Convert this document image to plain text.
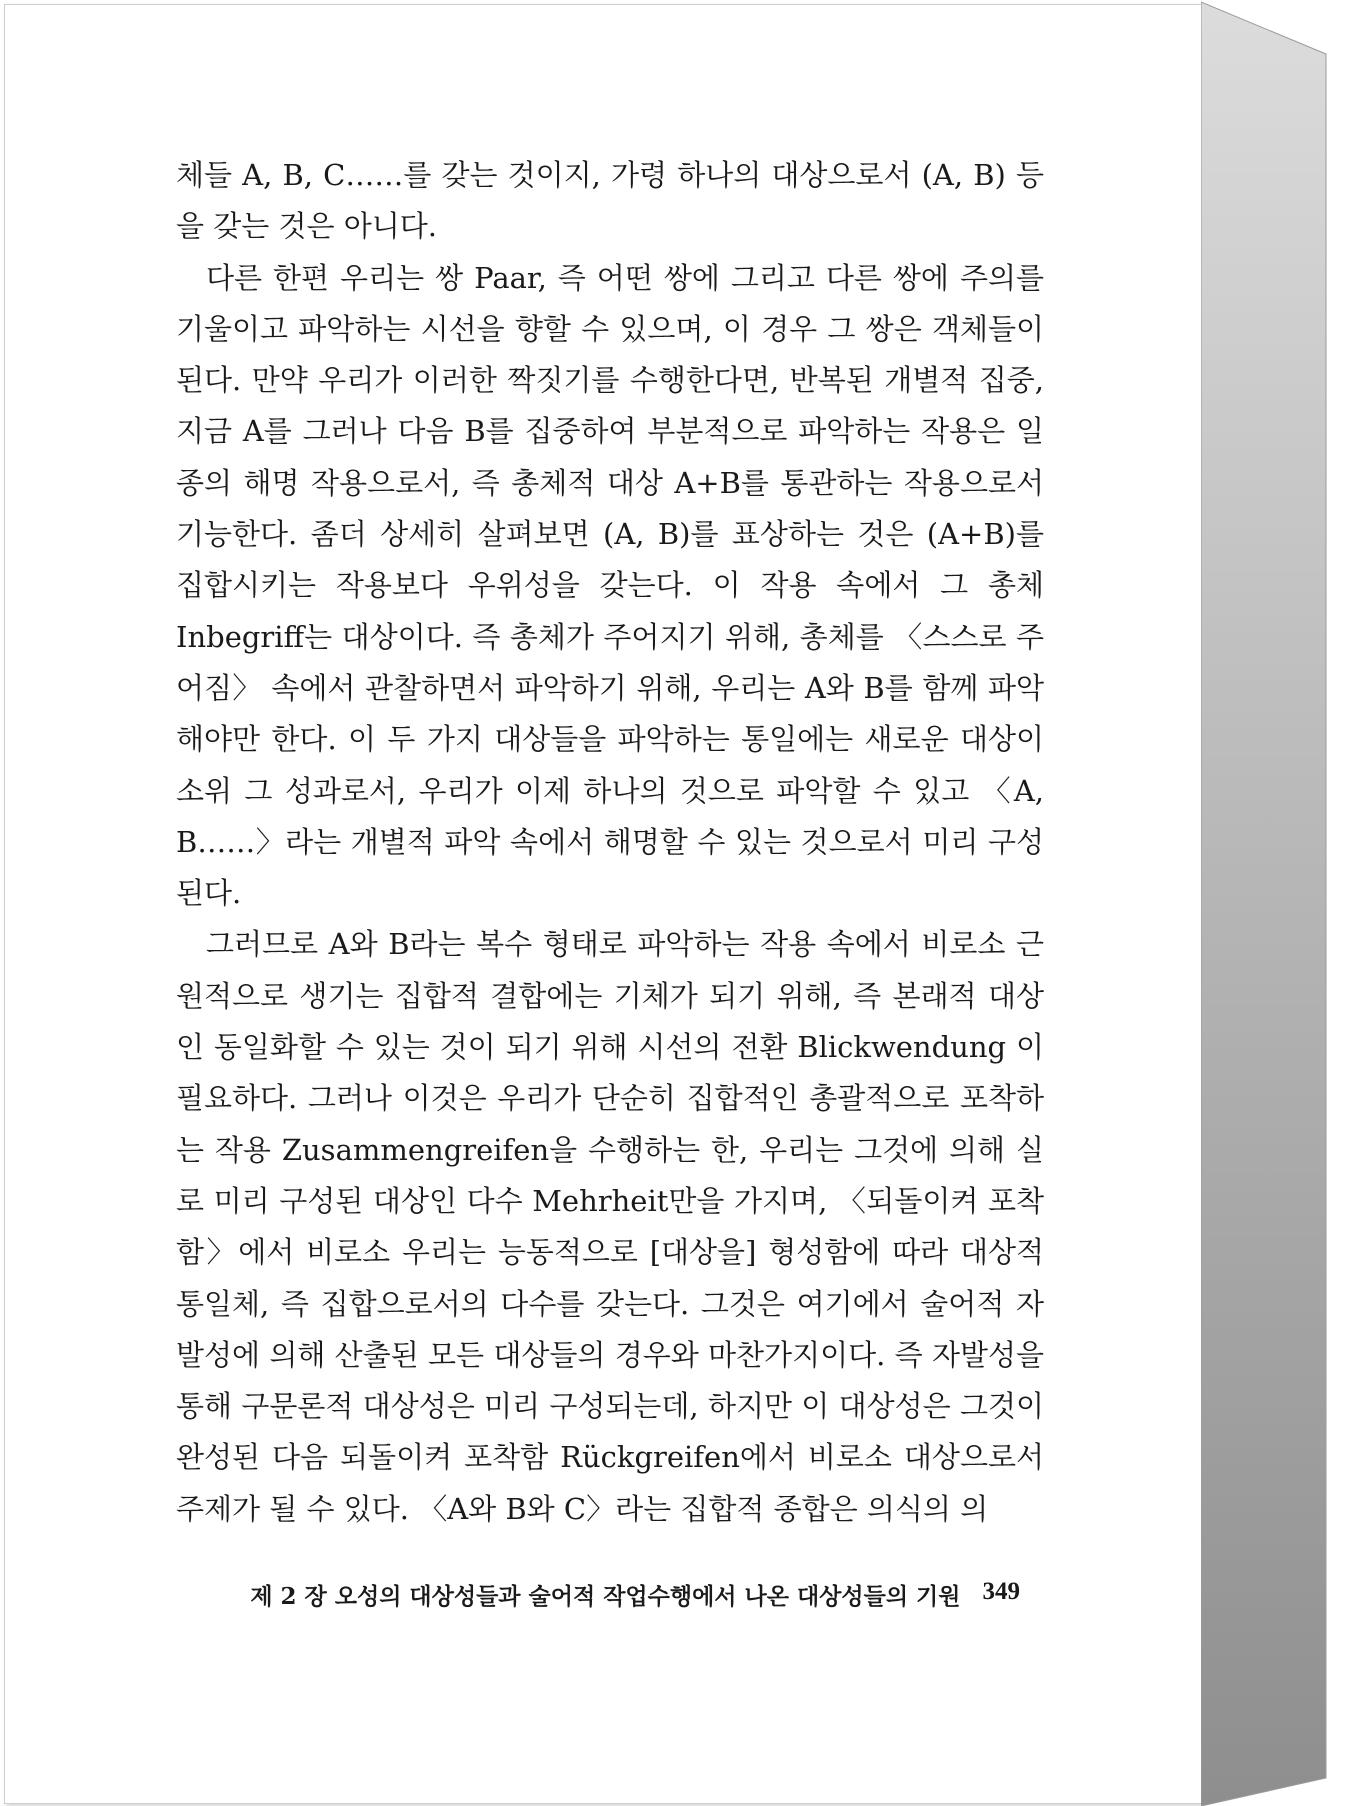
체들 A, B, C……를 갖는 것이지, 가령 하나의 대상으로서 (A, B) 등을 갖는 것은 아니다.

다른 한편 우리는 쌍 Paar, 즉 어떤 쌍에 그리고 다른 쌍에 주의를 기울이고 파악하는 시선을 향할 수 있으며, 이 경우 그 쌍은 객체들이 된다. 만약 우리가 이러한 짝짓기를 수행한다면, 반복된 개별적 집중, 지금 A를 그러나 다음 B를 집중하여 부분적으로 파악하는 작용은 일종의 해명 작용으로서, 즉 총체적 대상 A+B를 통관하는 작용으로서 기능한다. 좀더 상세히 살펴보면 (A, B)를 표상하는 것은 (A+B)를 집합시키는 작용보다 우위성을 갖는다. 이 작용 속에서 그 총체Inbegriff는 대상이다. 즉 총체가 주어지기 위해, 총체를 〈스스로 주어짐〉 속에서 관찰하면서 파악하기 위해, 우리는 A와 B를 함께 파악해야만 한다. 이 두 가지 대상들을 파악하는 통일에는 새로운 대상이 소위 그 성과로서, 우리가 이제 하나의 것으로 파악할 수 있고 〈A, B……〉라는 개별적 파악 속에서 해명할 수 있는 것으로서 미리 구성된다.

그러므로 A와 B라는 복수 형태로 파악하는 작용 속에서 비로소 근원적으로 생기는 집합적 결합에는 기체가 되기 위해, 즉 본래적 대상인 동일화할 수 있는 것이 되기 위해 시선의 전환 Blickwendung 이 필요하다. 그러나 이것은 우리가 단순히 집합적인 총괄적으로 포착하는 작용 Zusammengreifen을 수행하는 한, 우리는 그것에 의해 실로 미리 구성된 대상인 다수 Mehrheit만을 가지며, 〈되돌이켜 포착함〉에서 비로소 우리는 능동적으로 [대상을] 형성함에 따라 대상적 통일체, 즉 집합으로서의 다수를 갖는다. 그것은 여기에서 술어적 자발성에 의해 산출된 모든 대상들의 경우와 마찬가지이다. 즉 자발성을 통해 구문론적 대상성은 미리 구성되는데, 하지만 이 대상성은 그것이 완성된 다음 되돌이켜 포착함 Rückgreifen에서 비로소 대상으로서 주제가 될 수 있다. 〈A와 B와 C〉라는 집합적 종합은 의식의 의

제 2 장 오성의 대상성들과 술어적 작업수행에서 나온 대상성들의 기원 349
